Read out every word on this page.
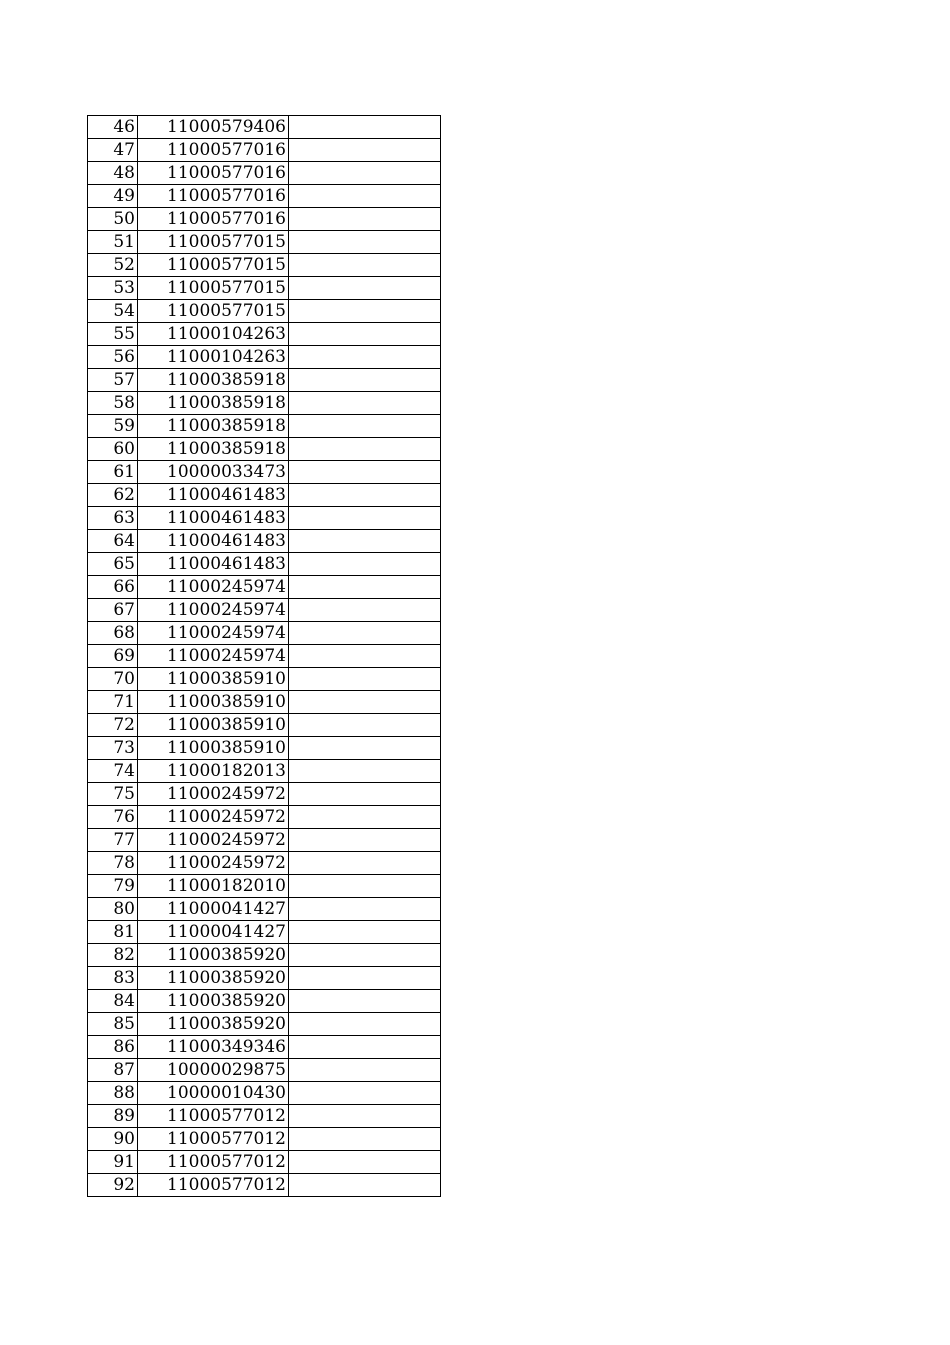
46	11000579406	
47	11000577016	
48	11000577016	
49	11000577016	
50	11000577016	
51	11000577015	
52	11000577015	
53	11000577015	
54	11000577015	
55	11000104263	
56	11000104263	
57	11000385918	
58	11000385918	
59	11000385918	
60	11000385918	
61	10000033473	
62	11000461483	
63	11000461483	
64	11000461483	
65	11000461483	
66	11000245974	
67	11000245974	
68	11000245974	
69	11000245974	
70	11000385910	
71	11000385910	
72	11000385910	
73	11000385910	
74	11000182013	
75	11000245972	
76	11000245972	
77	11000245972	
78	11000245972	
79	11000182010	
80	11000041427	
81	11000041427	
82	11000385920	
83	11000385920	
84	11000385920	
85	11000385920	
86	11000349346	
87	10000029875	
88	10000010430	
89	11000577012	
90	11000577012	
91	11000577012	
92	11000577012	
